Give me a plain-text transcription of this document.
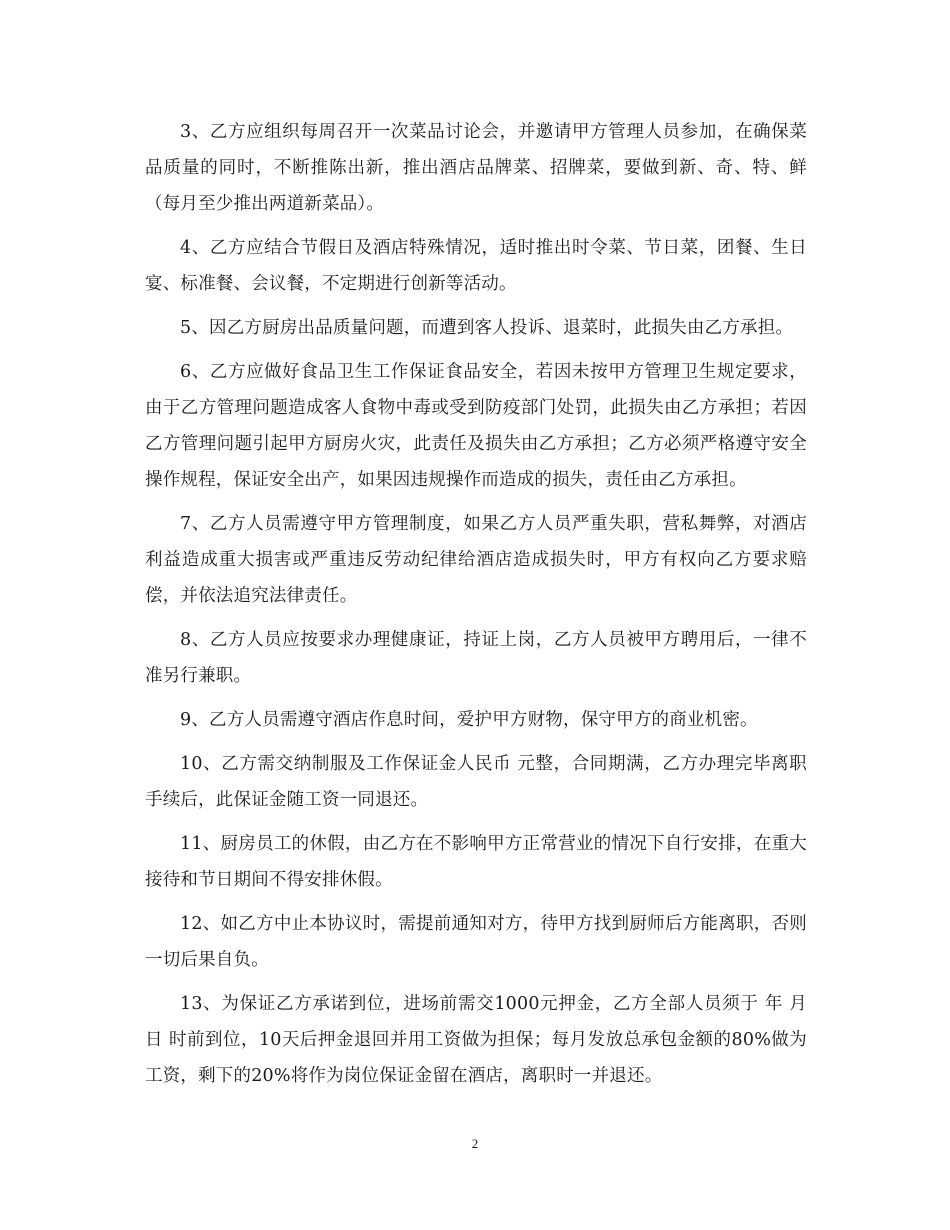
3、乙方应组织每周召开一次菜品讨论会，并邀请甲方管理人员参加，在确保菜品质量的同时，不断推陈出新，推出酒店品牌菜、招牌菜，要做到新、奇、特、鲜（每月至少推出两道新菜品）。

4、乙方应结合节假日及酒店特殊情况，适时推出时令菜、节日菜，团餐、生日宴、标准餐、会议餐，不定期进行创新等活动。

5、因乙方厨房出品质量问题，而遭到客人投诉、退菜时，此损失由乙方承担。

6、乙方应做好食品卫生工作保证食品安全，若因未按甲方管理卫生规定要求，由于乙方管理问题造成客人食物中毒或受到防疫部门处罚，此损失由乙方承担；若因乙方管理问题引起甲方厨房火灾，此责任及损失由乙方承担；乙方必须严格遵守安全操作规程，保证安全出产，如果因违规操作而造成的损失，责任由乙方承担。

7、乙方人员需遵守甲方管理制度，如果乙方人员严重失职，营私舞弊，对酒店利益造成重大损害或严重违反劳动纪律给酒店造成损失时，甲方有权向乙方要求赔偿，并依法追究法律责任。

8、乙方人员应按要求办理健康证，持证上岗，乙方人员被甲方聘用后，一律不准另行兼职。

9、乙方人员需遵守酒店作息时间，爱护甲方财物，保守甲方的商业机密。

10、乙方需交纳制服及工作保证金人民币 元整，合同期满，乙方办理完毕离职手续后，此保证金随工资一同退还。

11、厨房员工的休假，由乙方在不影响甲方正常营业的情况下自行安排，在重大接待和节日期间不得安排休假。

12、如乙方中止本协议时，需提前通知对方，待甲方找到厨师后方能离职，否则一切后果自负。

13、为保证乙方承诺到位，进场前需交1000元押金，乙方全部人员须于 年 月 日 时前到位，10天后押金退回并用工资做为担保；每月发放总承包金额的80%做为工资，剩下的20%将作为岗位保证金留在酒店，离职时一并退还。

2
